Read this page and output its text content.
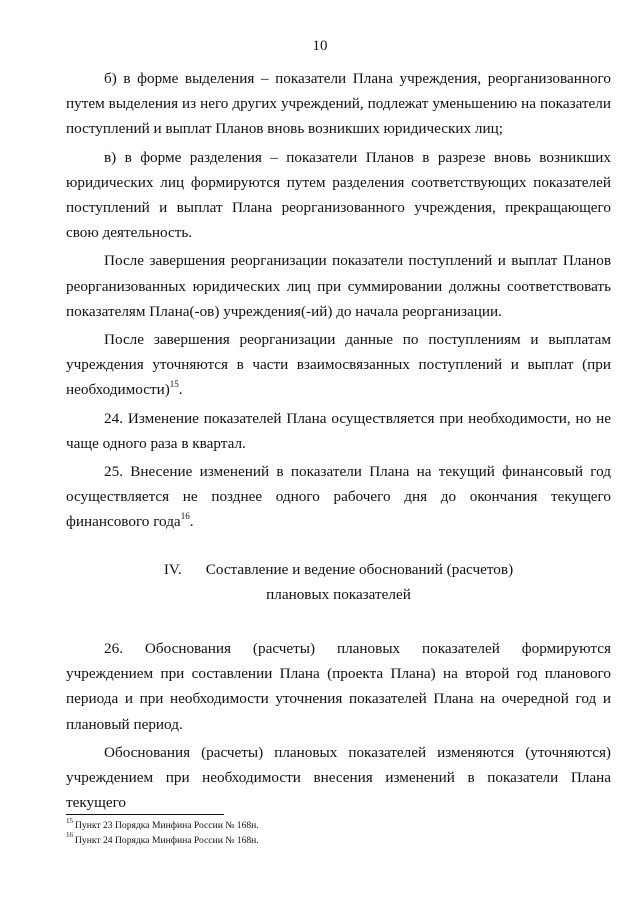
10

б) в форме выделения – показатели Плана учреждения, реорганизованного путем выделения из него других учреждений, подлежат уменьшению на показатели поступлений и выплат Планов вновь возникших юридических лиц;

в) в форме разделения – показатели Планов в разрезе вновь возникших юридических лиц формируются путем разделения соответствующих показателей поступлений и выплат Плана реорганизованного учреждения, прекращающего свою деятельность.

После завершения реорганизации показатели поступлений и выплат Планов реорганизованных юридических лиц при суммировании должны соответствовать показателям Плана(-ов) учреждения(-ий) до начала реорганизации.

После завершения реорганизации данные по поступлениям и выплатам учреждения уточняются в части взаимосвязанных поступлений и выплат (при необходимости)$^{15}$.

24. Изменение показателей Плана осуществляется при необходимости, но не чаще одного раза в квартал.

25. Внесение изменений в показатели Плана на текущий финансовый год осуществляется не позднее одного рабочего дня до окончания текущего финансового года$^{16}$.

IV. Составление и ведение обоснований (расчетов)
плановых показателей

26. Обоснования (расчеты) плановых показателей формируются учреждением при составлении Плана (проекта Плана) на второй год планового периода и при необходимости уточнения показателей Плана на очередной год и плановый период.

Обоснования (расчеты) плановых показателей изменяются (уточняются) учреждением при необходимости внесения изменений в показатели Плана текущего

$^{15}$ Пункт 23 Порядка Минфина России № 168н.
$^{16}$ Пункт 24 Порядка Минфина России № 168н.
